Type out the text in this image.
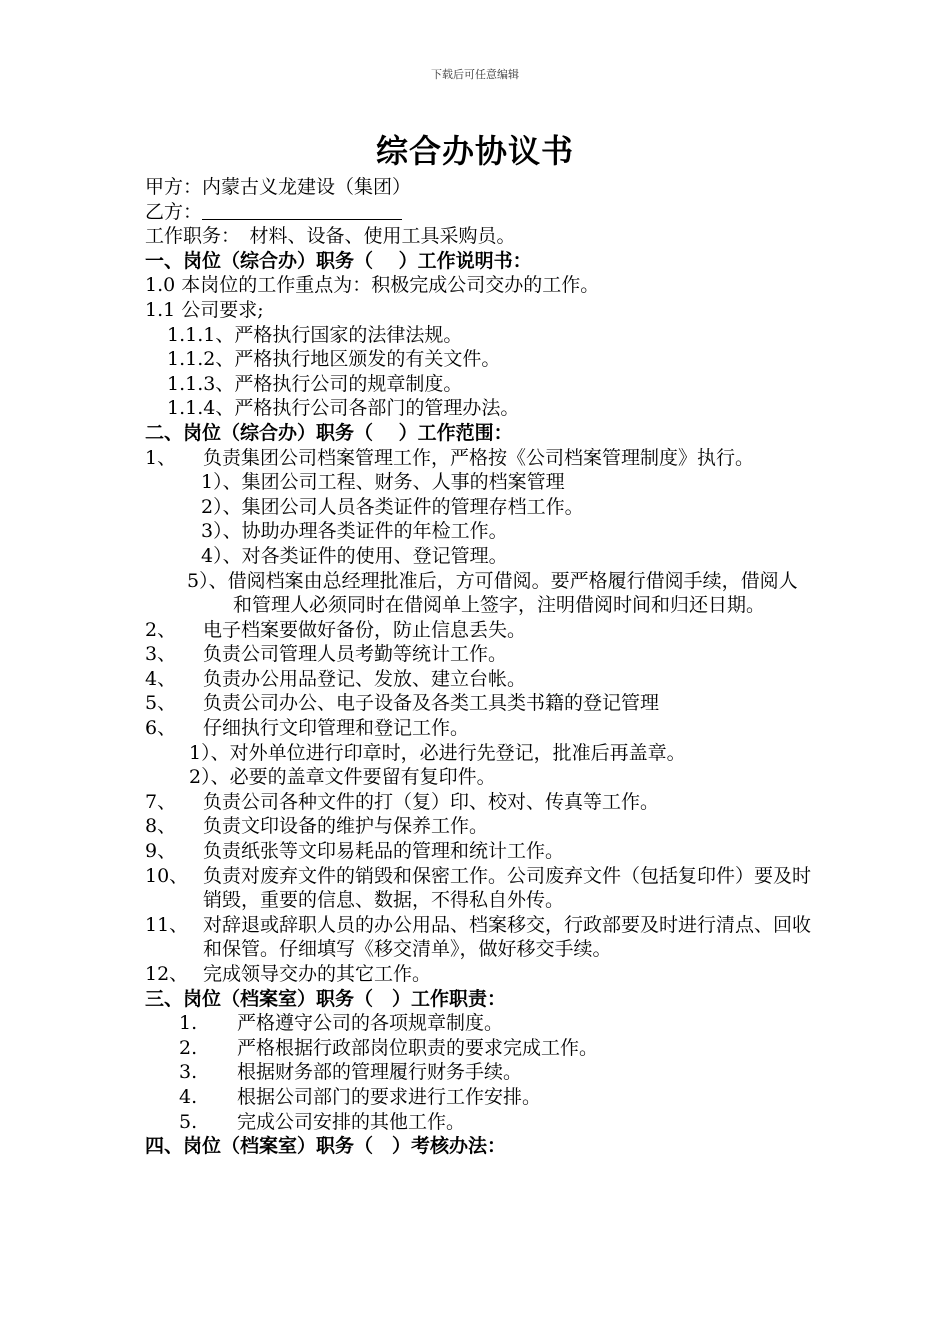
下载后可任意编辑
综合办协议书
甲方：内蒙古义龙建设（集团）
乙方：
工作职务：　材料、设备、使用工具采购员。
一、岗位（综合办）职务（　 ）工作说明书：
1.0 本岗位的工作重点为：积极完成公司交办的工作。
1.1 公司要求;
1.1.1、严格执行国家的法律法规。
1.1.2、严格执行地区颁发的有关文件。
1.1.3、严格执行公司的规章制度。
1.1.4、严格执行公司各部门的管理办法。
二、岗位（综合办）职务（　 ）工作范围：
1、 负责集团公司档案管理工作，严格按《公司档案管理制度》执行。
1）、集团公司工程、财务、人事的档案管理
2）、集团公司人员各类证件的管理存档工作。
3）、协助办理各类证件的年检工作。
4）、对各类证件的使用、登记管理。
5）、借阅档案由总经理批准后，方可借阅。要严格履行借阅手续，借阅人和管理人必须同时在借阅单上签字，注明借阅时间和归还日期。
2、 电子档案要做好备份，防止信息丢失。
3、 负责公司管理人员考勤等统计工作。
4、 负责办公用品登记、发放、建立台帐。
5、 负责公司办公、电子设备及各类工具类书籍的登记管理
6、 仔细执行文印管理和登记工作。
1）、对外单位进行印章时，必进行先登记，批准后再盖章。
2）、必要的盖章文件要留有复印件。
7、 负责公司各种文件的打（复）印、校对、传真等工作。
8、 负责文印设备的维护与保养工作。
9、 负责纸张等文印易耗品的管理和统计工作。
10、 负责对废弃文件的销毁和保密工作。公司废弃文件（包括复印件）要及时销毁，重要的信息、数据，不得私自外传。
11、 对辞退或辞职人员的办公用品、档案移交，行政部要及时进行清点、回收和保管。仔细填写《移交清单》，做好移交手续。
12、 完成领导交办的其它工作。
三、岗位（档案室）职务（　）工作职责：
1. 严格遵守公司的各项规章制度。
2. 严格根据行政部岗位职责的要求完成工作。
3. 根据财务部的管理履行财务手续。
4. 根据公司部门的要求进行工作安排。
5. 完成公司安排的其他工作。
四、岗位（档案室）职务（　）考核办法：
